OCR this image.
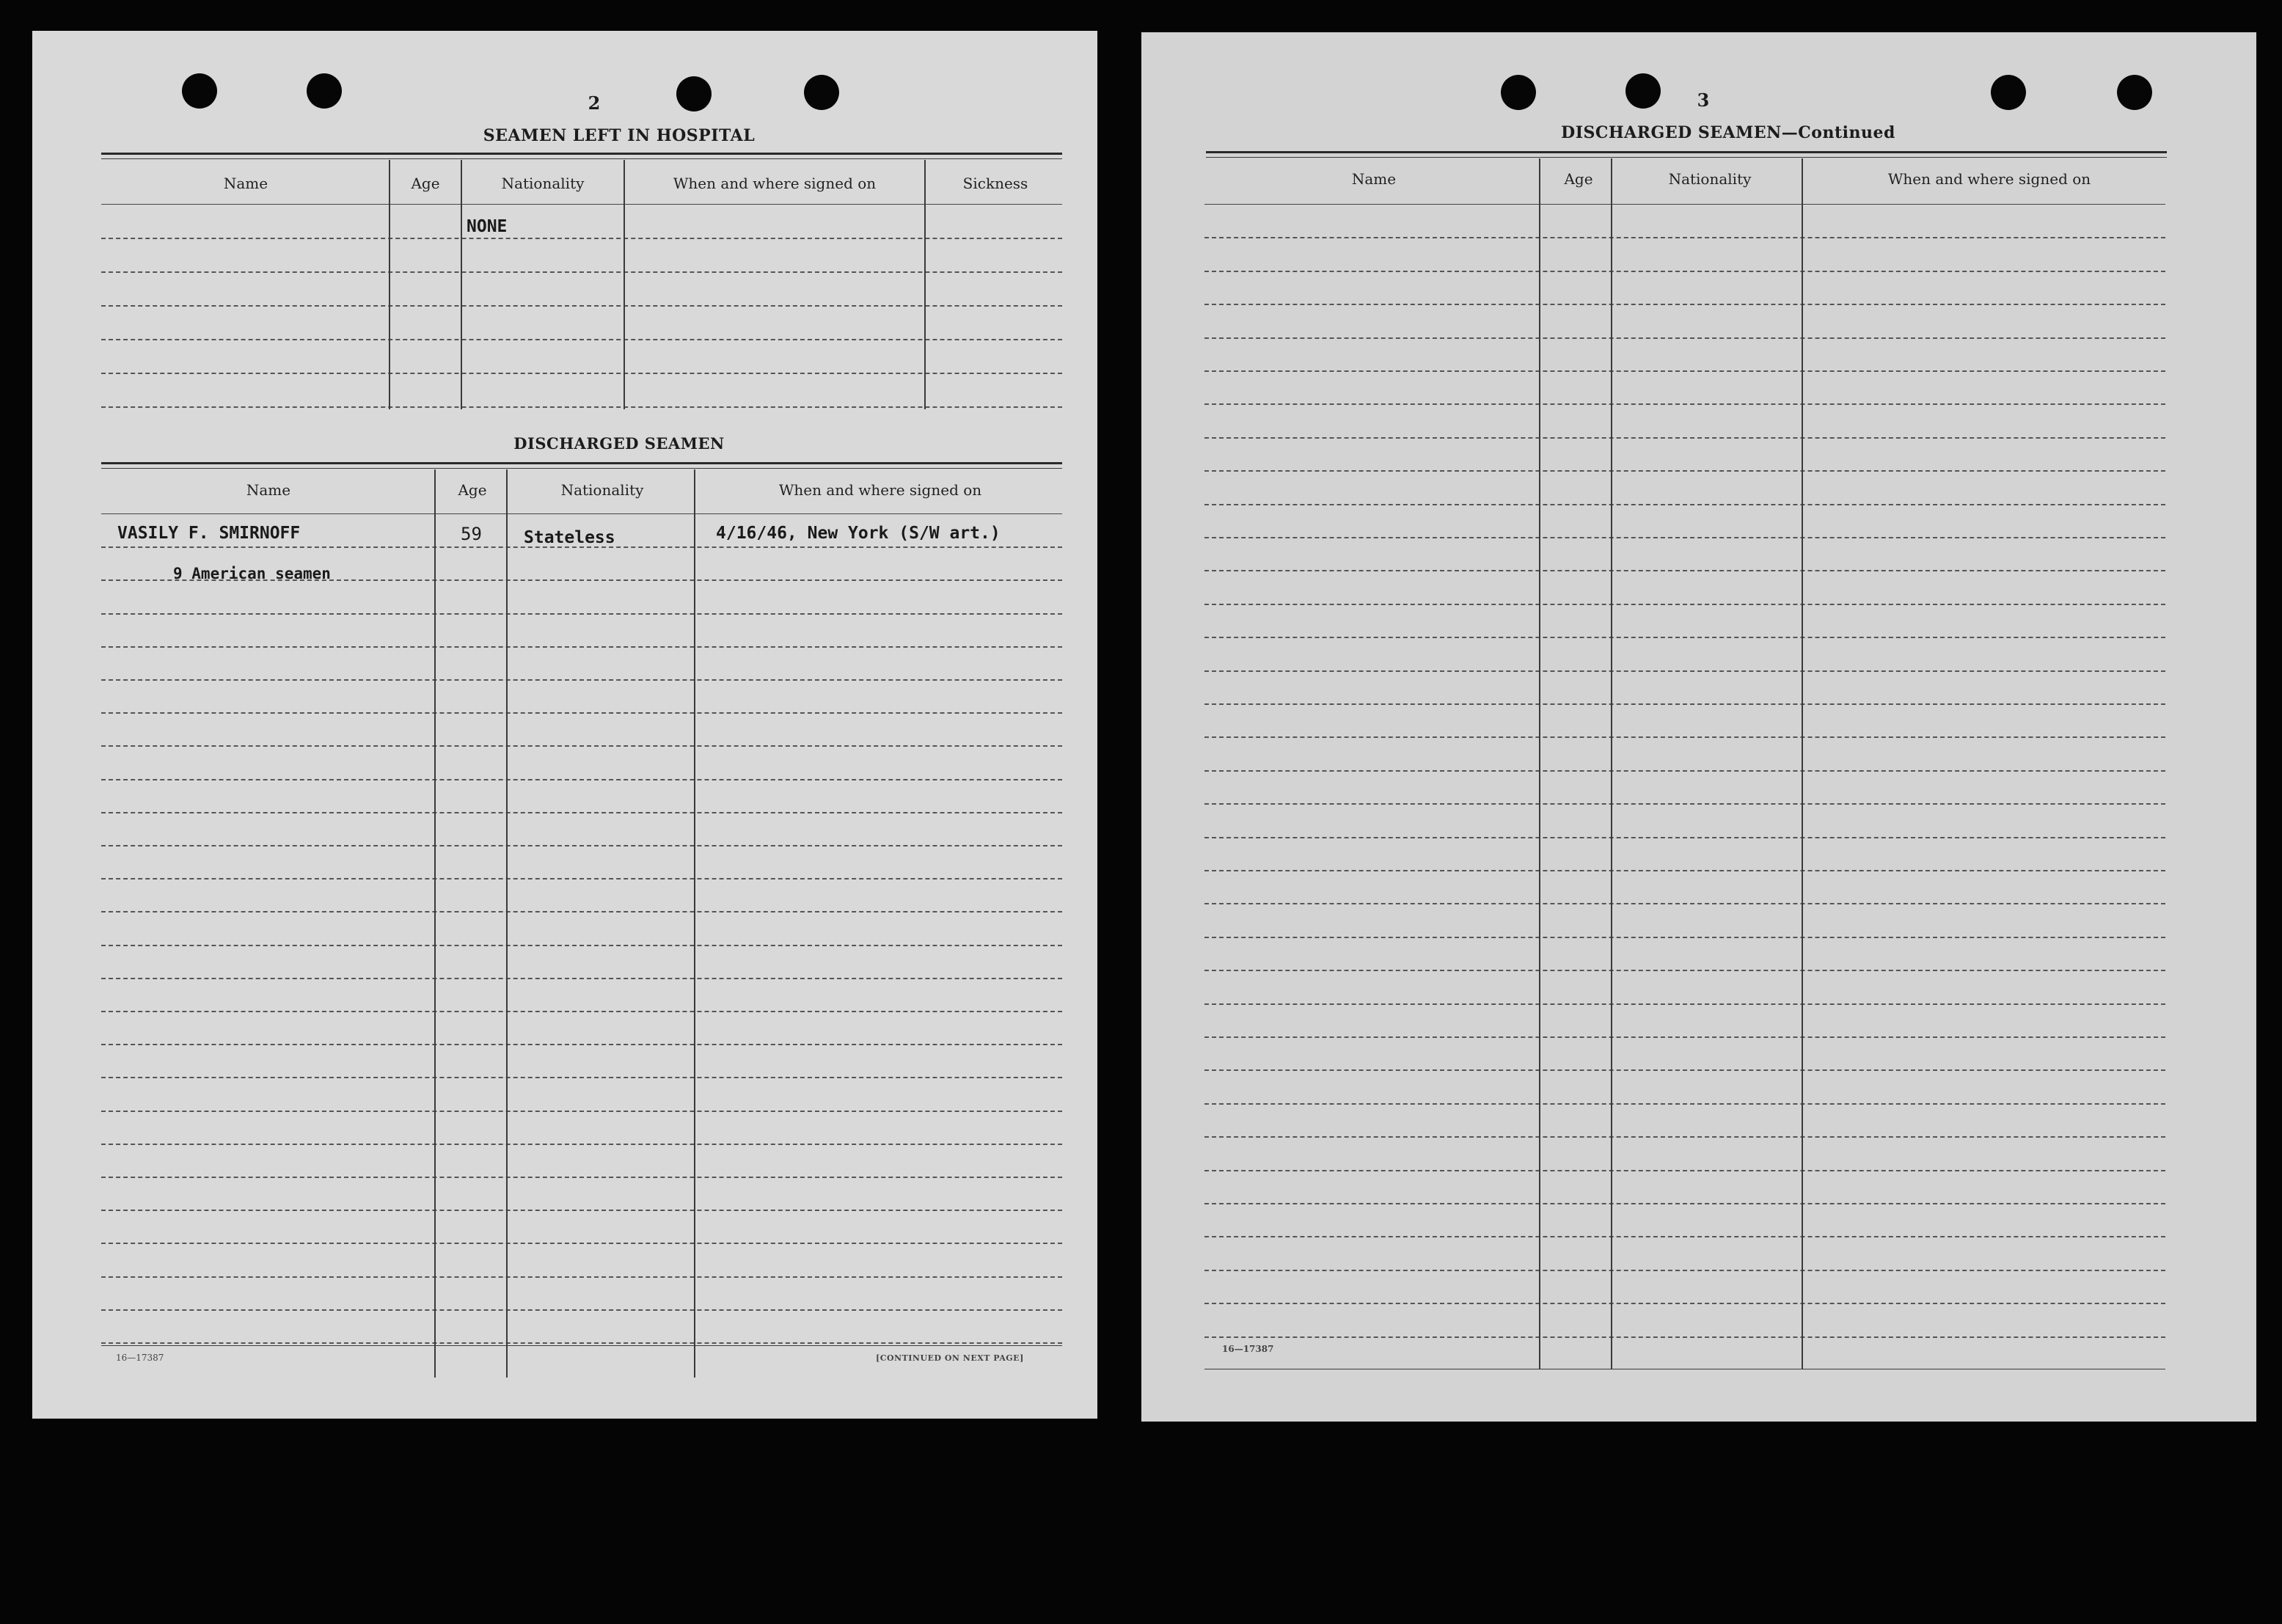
2
SEAMEN LEFT IN HOSPITAL
Name	Age	Nationality	When and where signed on	Sickness
NONE
DISCHARGED SEAMEN
Name	Age	Nationality	When and where signed on
VASILY F. SMIRNOFF	59 Stateless	4/16/46, New York (S/W art.)
9 American seamen
16—17387	[CONTINUED ON NEXT PAGE]
3
DISCHARGED SEAMEN—Continued
Name	Age	Nationality	When and where signed on
16—17387
